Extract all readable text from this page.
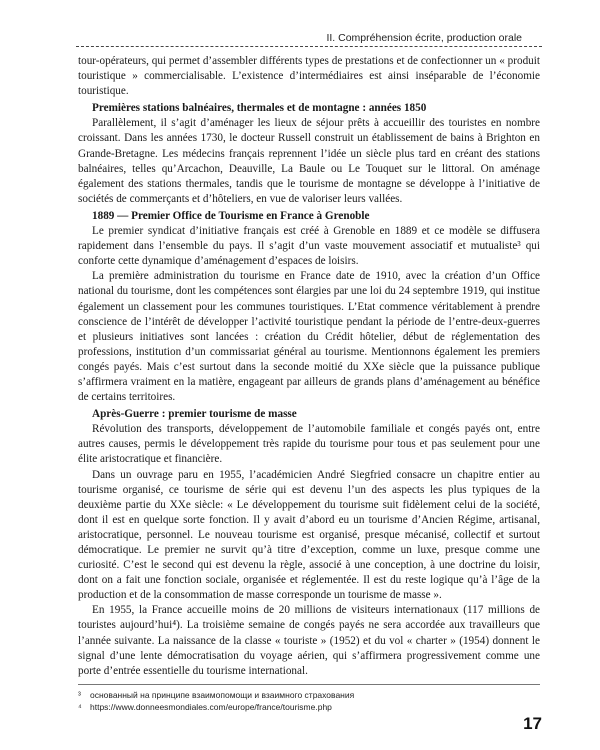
II. Compréhension écrite, production orale

tour-opérateurs, qui permet d’assembler différents types de prestations et de confectionner un « produit touristique » commercialisable. L’existence d’intermédiaires est ainsi inséparable de l’économie touristique.

Premières stations balnéaires, thermales et de montagne : années 1850

Parallèlement, il s’agit d’aménager les lieux de séjour prêts à accueillir des touristes en nombre croissant. Dans les années 1730, le docteur Russell construit un établissement de bains à Brighton en Grande-Bretagne. Les médecins français reprennent l’idée un siècle plus tard en créant des stations balnéaires, telles qu’Arcachon, Deauville, La Baule ou Le Touquet sur le littoral. On aménage également des stations thermales, tandis que le tourisme de montagne se développe à l’initiative de sociétés de commerçants et d’hôteliers, en vue de valoriser leurs vallées.

1889 — Premier Office de Tourisme en France à Grenoble

Le premier syndicat d’initiative français est créé à Grenoble en 1889 et ce modèle se diffusera rapidement dans l’ensemble du pays. Il s’agit d’un vaste mouvement associatif et mutualiste³ qui conforte cette dynamique d’aménagement d’espaces de loisirs.

La première administration du tourisme en France date de 1910, avec la création d’un Office national du tourisme, dont les compétences sont élargies par une loi du 24 septembre 1919, qui institue également un classement pour les communes touristiques. L’Etat commence véritablement à prendre conscience de l’intérêt de développer l’activité touristique pendant la période de l’entre-deux-guerres et plusieurs initiatives sont lancées : création du Crédit hôtelier, début de réglementation des professions, institution d’un commissariat général au tourisme. Mentionnons également les premiers congés payés. Mais c’est surtout dans la seconde moitié du XXe siècle que la puissance publique s’affirmera vraiment en la matière, engageant par ailleurs de grands plans d’aménagement au bénéfice de certains territoires.

Après-Guerre : premier tourisme de masse

Révolution des transports, développement de l’automobile familiale et congés payés ont, entre autres causes, permis le développement très rapide du tourisme pour tous et pas seulement pour une élite aristocratique et financière.

Dans un ouvrage paru en 1955, l’académicien André Siegfried consacre un chapitre entier au tourisme organisé, ce tourisme de série qui est devenu l’un des aspects les plus typiques de la deuxième partie du XXe siècle: « Le développement du tourisme suit fidèlement celui de la société, dont il est en quelque sorte fonction. Il y avait d’abord eu un tourisme d’Ancien Régime, artisanal, aristocratique, personnel. Le nouveau tourisme est organisé, presque mécanisé, collectif et surtout démocratique. Le premier ne survit qu’à titre d’exception, comme un luxe, presque comme une curiosité. C’est le second qui est devenu la règle, associé à une conception, à une doctrine du loisir, dont on a fait une fonction sociale, organisée et réglementée. Il est du reste logique qu’à l’âge de la production et de la consommation de masse corresponde un tourisme de masse ».

En 1955, la France accueille moins de 20 millions de visiteurs internationaux (117 millions de touristes aujourd’hui⁴). La troisième semaine de congés payés ne sera accordée aux travailleurs que l’année suivante. La naissance de la classe « touriste » (1952) et du vol « charter » (1954) donnent le signal d’une lente démocratisation du voyage aérien, qui s’affirmera progressivement comme une porte d’entrée essentielle du tourisme international.

³	основанный на принципе взаимопомощи и взаимного страхования
⁴ https://www.donneesmondiales.com/europe/france/tourisme.php
17
